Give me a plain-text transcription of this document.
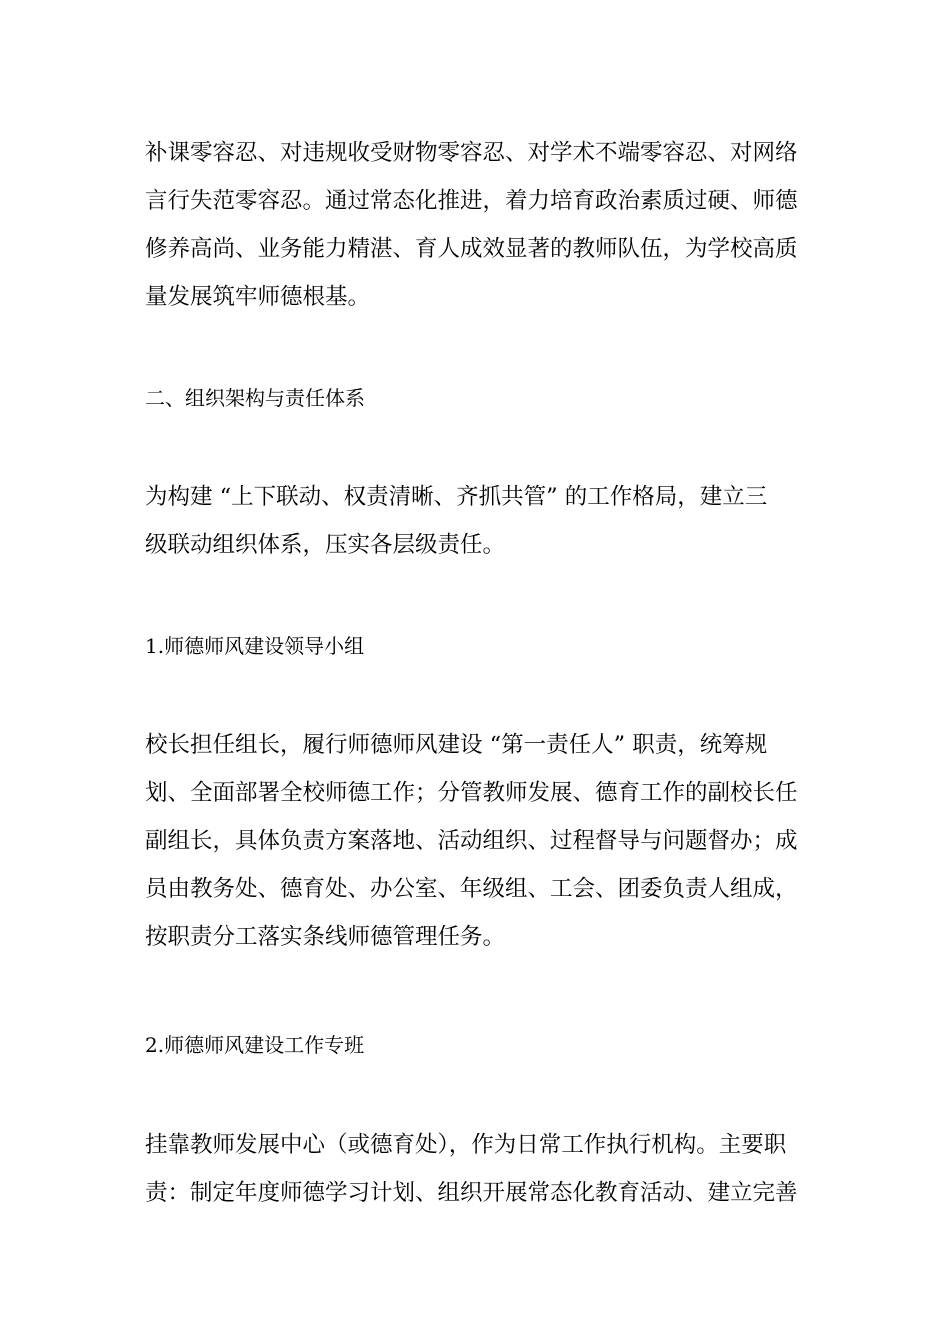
补课零容忍、对违规收受财物零容忍、对学术不端零容忍、对网络
言行失范零容忍。通过常态化推进，着力培育政治素质过硬、师德
修养高尚、业务能力精湛、育人成效显著的教师队伍，为学校高质
量发展筑牢师德根基。
二、组织架构与责任体系
为构建 “上下联动、权责清晰、齐抓共管” 的工作格局，建立三
级联动组织体系，压实各层级责任。
1.师德师风建设领导小组
校长担任组长，履行师德师风建设 “第一责任人” 职责，统筹规
划、全面部署全校师德工作；分管教师发展、德育工作的副校长任
副组长，具体负责方案落地、活动组织、过程督导与问题督办；成
员由教务处、德育处、办公室、年级组、工会、团委负责人组成，
按职责分工落实条线师德管理任务。
2.师德师风建设工作专班
挂靠教师发展中心（或德育处），作为日常工作执行机构。主要职
责：制定年度师德学习计划、组织开展常态化教育活动、建立完善
